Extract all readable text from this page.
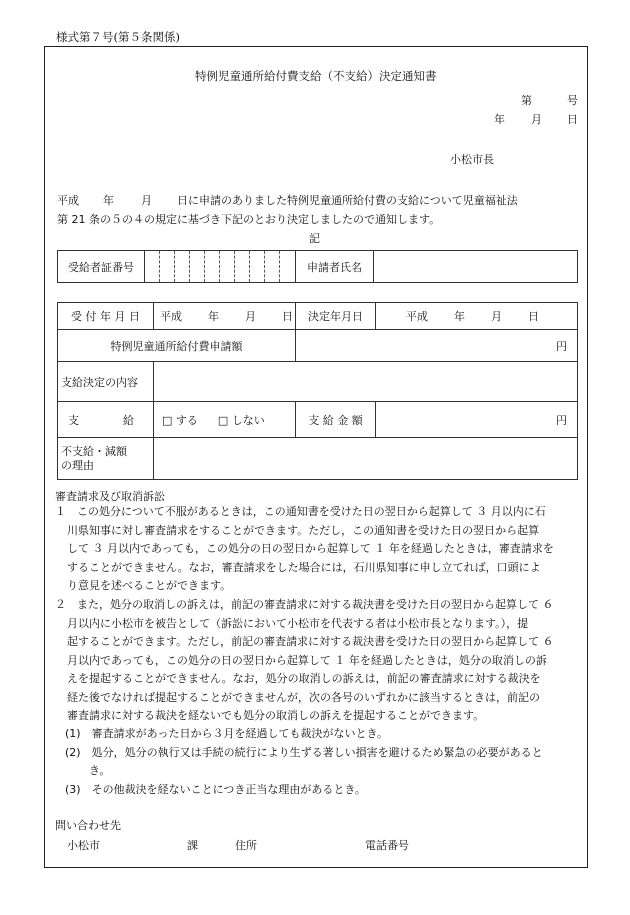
様式第７号(第５条関係)
特例児童通所給付費支給（不支給）決定通知書
第	号
年 月 日
小松市長
平成 年 月 日に申請のありました特例児童通所給付費の支給について児童福祉法
第 21 条の５の４の規定に基づき下記のとおり決定しましたので通知します。
記
受給者証番号											申請者氏名	
受 付 年 月 日	平成 年 月 日	決定年月日	平成 年 月 日
特例児童通所給付費申請額		円	
支給決定の内容			
支 給	□ する □ しない	支 給 金 額	円

不支給・減額
の理由			

審査請求及び取消訴訟
１　この処分について不服があるときは，この通知書を受けた日の翌日から起算して ３ 月以内に石
川県知事に対し審査請求をすることができます。ただし，この通知書を受けた日の翌日から起算
して ３ 月以内であっても，この処分の日の翌日から起算して １ 年を経過したときは，審査請求を
することができません。なお，審査請求をした場合には，石川県知事に申し立てれば，口頭によ
り意見を述べることができます。
２　また，処分の取消しの訴えは，前記の審査請求に対する裁決書を受けた日の翌日から起算して ６
月以内に小松市を被告として（訴訟において小松市を代表する者は小松市長となります。），提
起することができます。ただし，前記の審査請求に対する裁決書を受けた日の翌日から起算して ６
月以内であっても，この処分の日の翌日から起算して １ 年を経過したときは，処分の取消しの訴
えを提起することができません。なお，処分の取消しの訴えは，前記の審査請求に対する裁決を
経た後でなければ提起することができませんが，次の各号のいずれかに該当するときは，前記の
審査請求に対する裁決を経ないでも処分の取消しの訴えを提起することができます。
(1)　審査請求があった日から３月を経過しても裁決がないとき。
(2)　処分，処分の執行又は手続の続行により生ずる著しい損害を避けるため緊急の必要があると
き。
(3)　その他裁決を経ないことにつき正当な理由があるとき。
問い合わせ先
小松市	課	住所	電話番号
